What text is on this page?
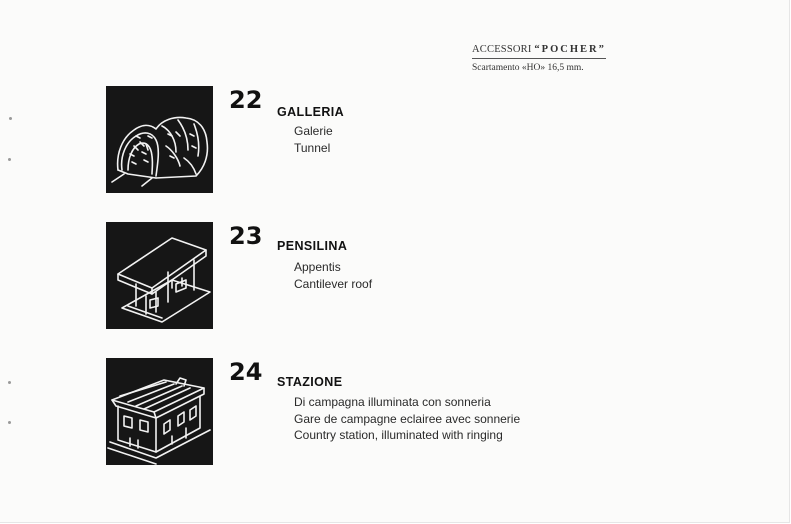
ACCESSORI “POCHER”
Scartamento «HO» 16,5 mm.
22 GALLERIA
Galerie
Tunnel
23 PENSILINA
Appentis
Cantilever roof
24 STAZIONE
Di campagna illuminata con sonneria
Gare de campagne eclairee avec sonnerie
Country station, illuminated with ringing
